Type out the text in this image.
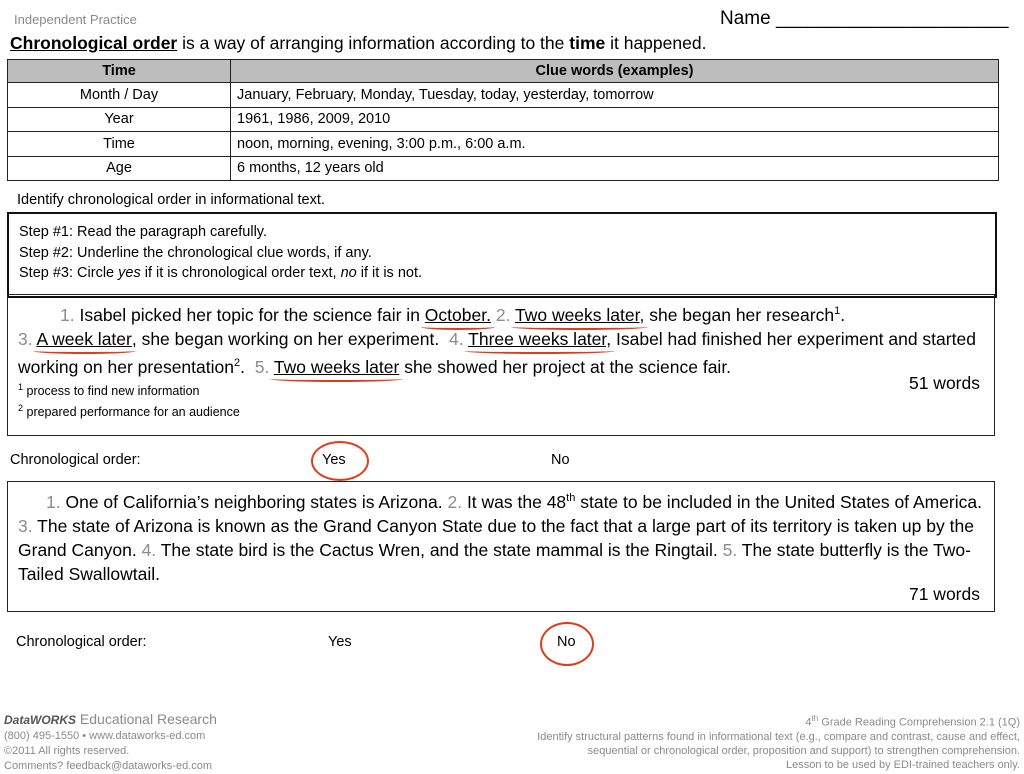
Independent Practice	Name ______________________
Chronological order is a way of arranging information according to the time it happened.
Time	Clue words (examples)
Month / Day	January, February, Monday, Tuesday, today, yesterday, tomorrow
Year	1961, 1986, 2009, 2010
Time	noon, morning, evening, 3:00 p.m., 6:00 a.m.
Age	6 months, 12 years old
Identify chronological order in informational text.
Step #1: Read the paragraph carefully.
Step #2: Underline the chronological clue words, if any.
Step #3: Circle yes if it is chronological order text, no if it is not.
1. Isabel picked her topic for the science fair in October. 2. Two weeks later,
she began her research$^1$.
3. A week later
, she began working on her experiment. 4. Three weeks later,
Isabel had finished her experiment and started working on her presentation$^2$. 5. Two weeks later
she showed her project at the science fair.
51 words
$^1$ process to find new information
$^2$ prepared performance for an audience
Chronological order:	Yes	No
1. One of California’s neighboring states is Arizona. 2. It was the 48th state to be included in the United States of America. 3. The state of Arizona is known as the Grand Canyon State due to the fact that a large part of its territory is taken up by the Grand Canyon. 4. The state bird is the Cactus Wren, and the state mammal is the Ringtail. 5. The state butterfly is the Two-Tailed Swallowtail.
71 words
Chronological order:	Yes	No
DataWORKS Educational Research
(800) 495-1550 • www.dataworks-ed.com
©2011 All rights reserved.
Comments? feedback@dataworks-ed.com
4th Grade Reading Comprehension 2.1 (1Q)
Identify structural patterns found in informational text (e.g., compare and contrast, cause and effect,
sequential or chronological order, proposition and support) to strengthen comprehension.
Lesson to be used by EDI-trained teachers only.
